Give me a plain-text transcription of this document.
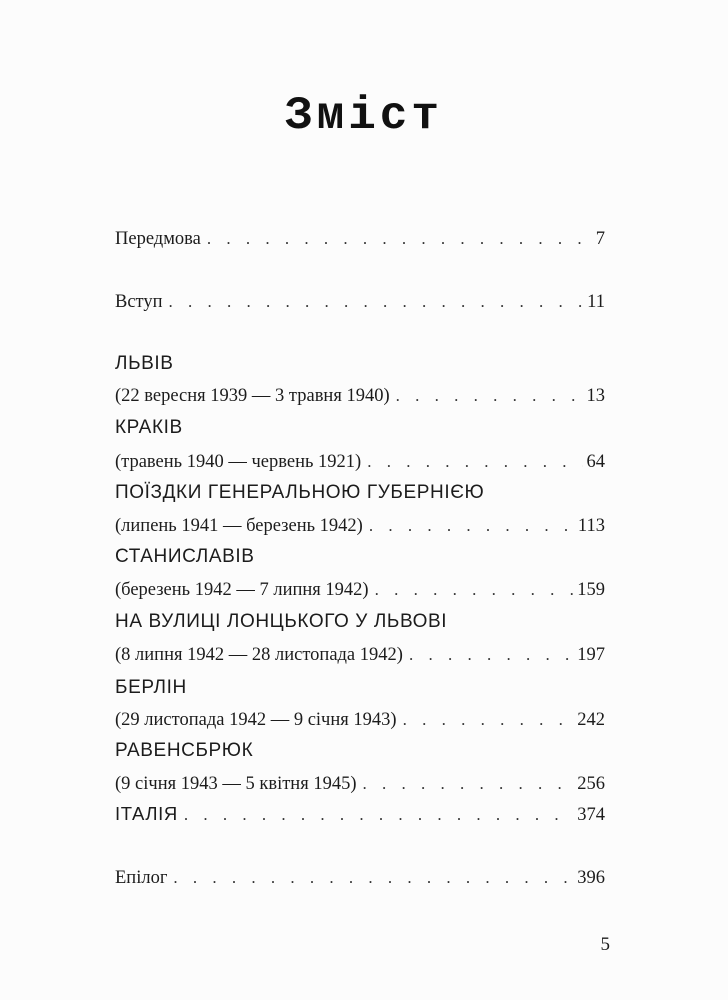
Зміст
Передмова . . .	7
Вступ . . .	11
ЛЬВІВ
(22 вересня 1939 — 3 травня 1940) . . .	13
КРАКІВ
(травень 1940 — червень 1921) . . .	64
ПОЇЗДКИ ГЕНЕРАЛЬНОЮ ГУБЕРНІЄЮ
(липень 1941 — березень 1942) . . .	113
СТАНИСЛАВІВ
(березень 1942 — 7 липня 1942) . . .	159
НА ВУЛИЦІ ЛОНЦЬКОГО У ЛЬВОВІ
(8 липня 1942 — 28 листопада 1942) . . .	197
БЕРЛІН
(29 листопада 1942 — 9 січня 1943) . . .	242
РАВЕНСБРЮК
(9 січня 1943 — 5 квітня 1945) . . .	256
ІТАЛІЯ . . .	374
Епілог . . .	396
5
